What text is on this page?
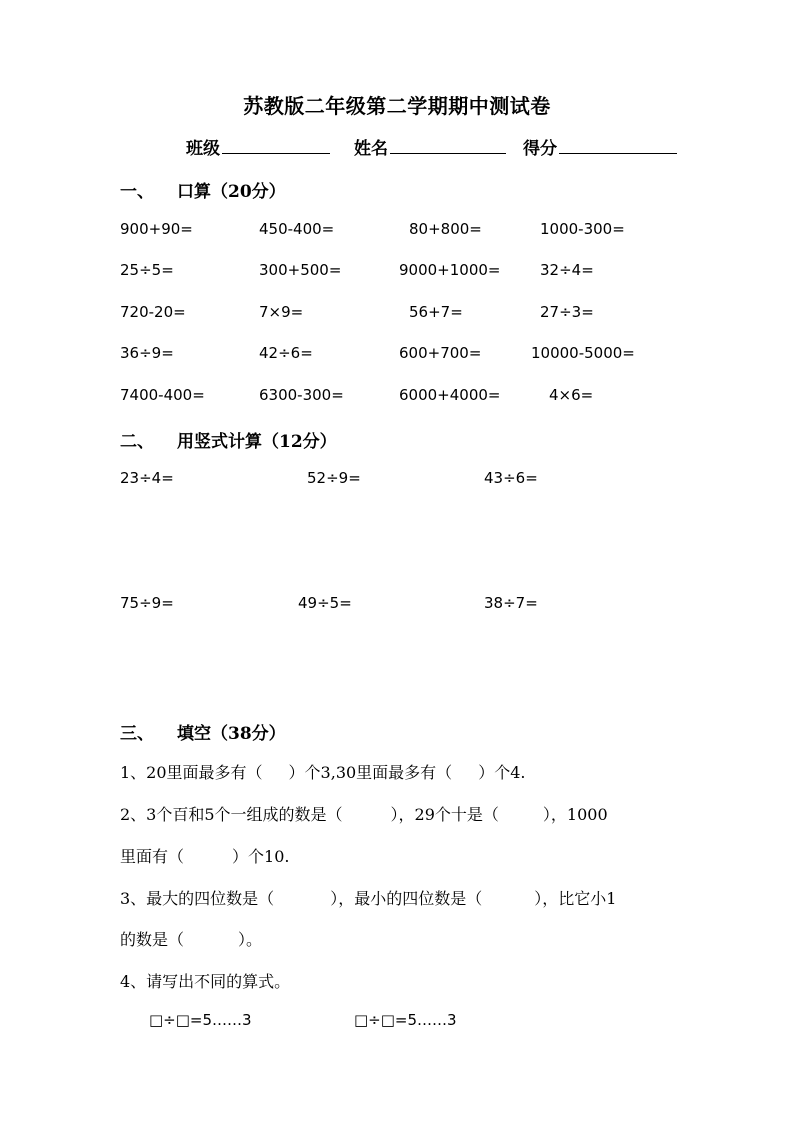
苏教版二年级第二学期期中测试卷
班级	姓名	得分
一、 口算（20分）
900+90=	450-400=	80+800=	1000-300=
25÷5=	300+500=	9000+1000=	32÷4=
720-20=	7×9=	56+7=	27÷3=
36÷9=	42÷6=	600+700=	10000-5000=
7400-400=	6300-300=	6000+4000=	4×6=
二、 用竖式计算（12分）
23÷4=	52÷9=	43÷6=
75÷9=	49÷5=	38÷7=
三、 填空（38分）
1、20里面最多有（ ）个3,30里面最多有（ ）个4.
2、3个百和5个一组成的数是（	），29个十是（	），1000
里面有（	）个10.
3、最大的四位数是（	），最小的四位数是（	），比它小1
的数是（	）。
4、请写出不同的算式。
□÷□=5……3	□÷□=5……3
